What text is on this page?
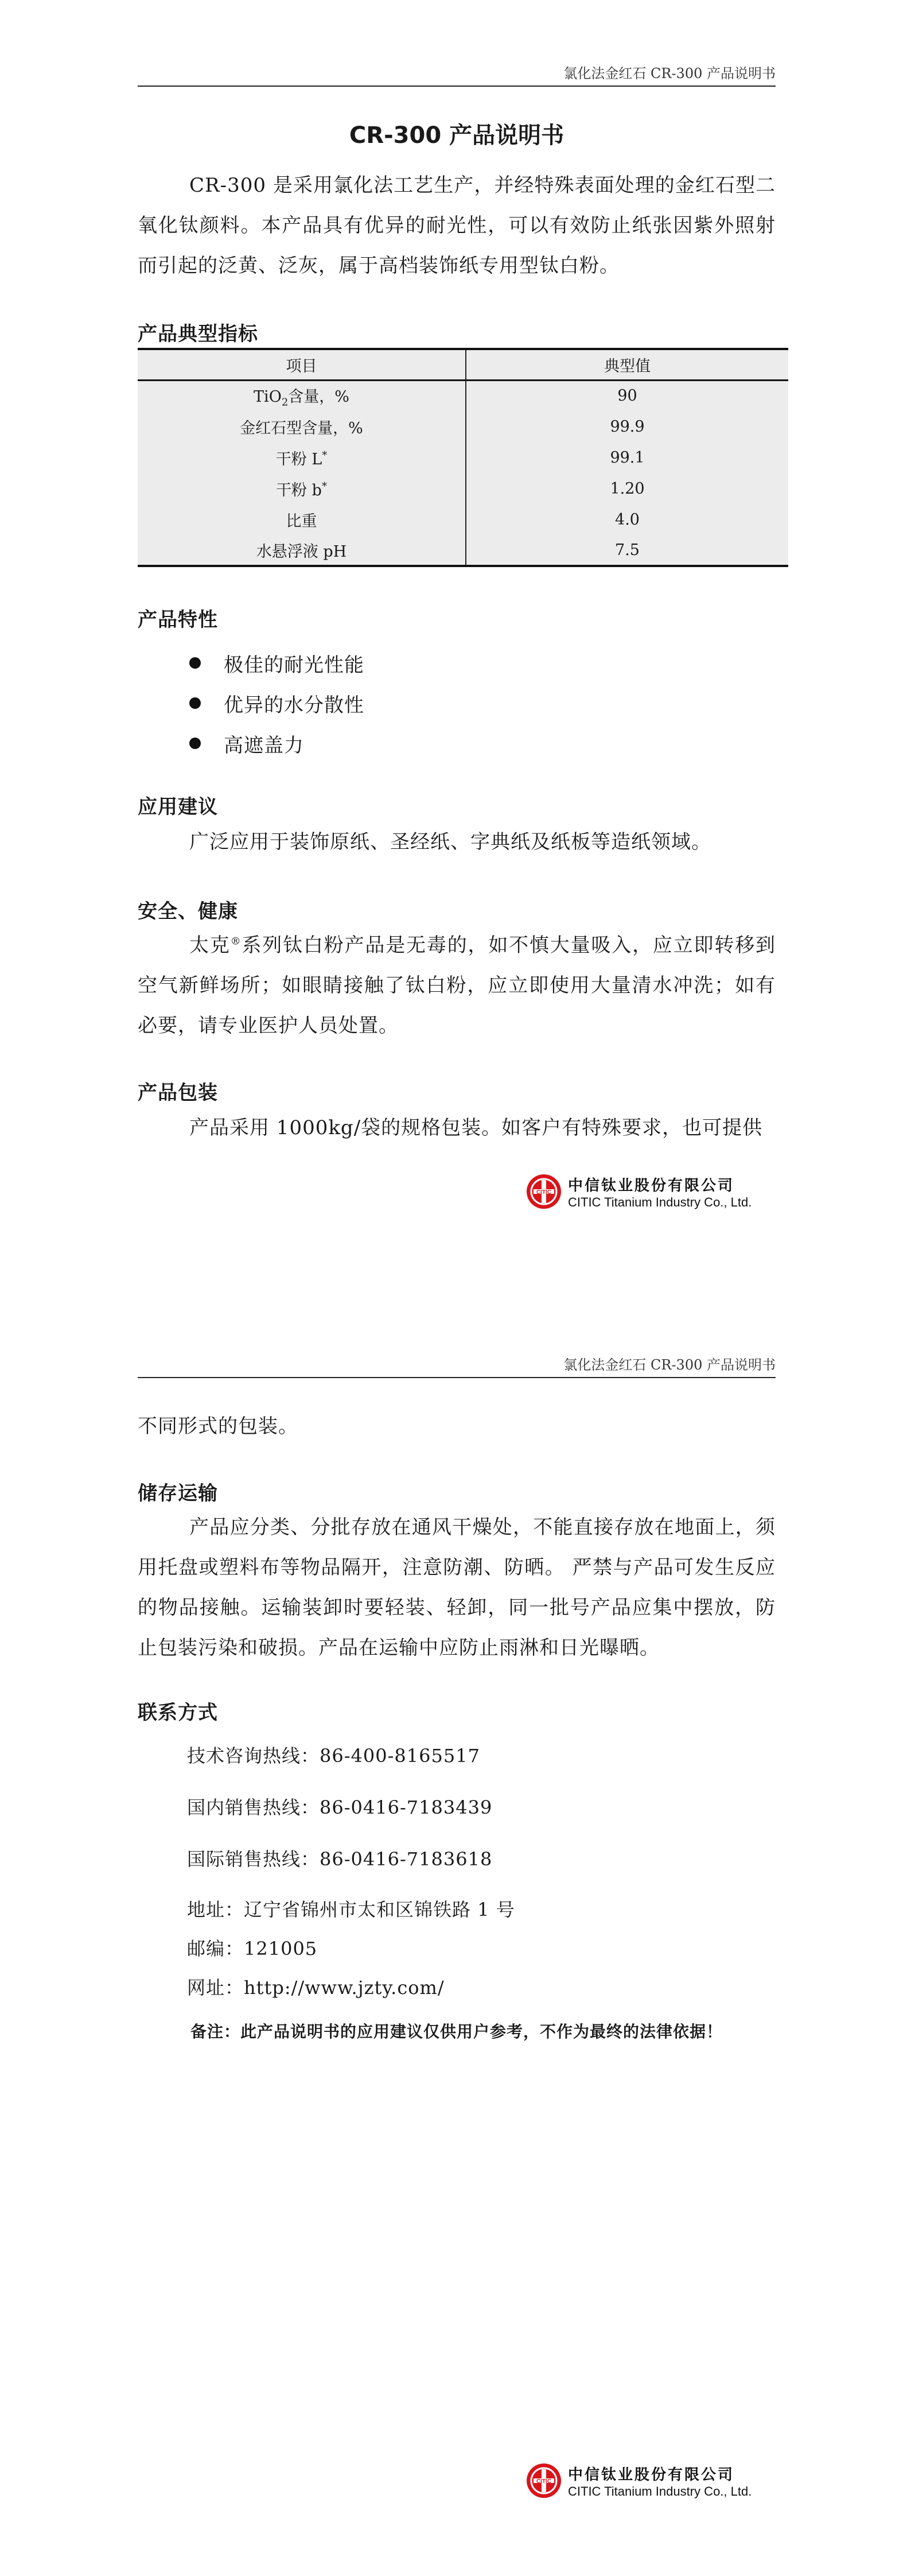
氯化法金红石 CR-300 产品说明书
CR-300 产品说明书

CR-300 是采用氯化法工艺生产，并经特殊表面处理的金红石型二氧化钛颜料。本产品具有优异的耐光性，可以有效防止纸张因紫外照射而引起的泛黄、泛灰，属于高档装饰纸专用型钛白粉。

产品典型指标
项目	典型值
TiO$_2$含量，%	90
金红石型含量，%	99.9
干粉 L*	99.1
干粉 b*	1.20
比重	4.0
水悬浮液 pH	7.5
产品特性
极佳的耐光性能
优异的水分散性
高遮盖力
应用建议

广泛应用于装饰原纸、圣经纸、字典纸及纸板等造纸领域。

安全、健康

太克®系列钛白粉产品是无毒的，如不慎大量吸入，应立即转移到空气新鲜场所；如眼睛接触了钛白粉，应立即使用大量清水冲洗；如有必要，请专业医护人员处置。

产品包装

产品采用 1000kg/袋的规格包装。如客户有特殊要求，也可提供

CITIC 中信钛业股份有限公司
CITIC Titanium Industry Co., Ltd.
氯化法金红石 CR-300 产品说明书

不同形式的包装。

储存运输

产品应分类、分批存放在通风干燥处，不能直接存放在地面上，须用托盘或塑料布等物品隔开，注意防潮、防晒。 严禁与产品可发生反应的物品接触。运输装卸时要轻装、轻卸，同一批号产品应集中摆放，防止包装污染和破损。产品在运输中应防止雨淋和日光曝晒。

联系方式
技术咨询热线：86-400-8165517
国内销售热线：86-0416-7183439
国际销售热线：86-0416-7183618
地址：辽宁省锦州市太和区锦铁路 1 号
邮编：121005
网址：http://www.jzty.com/
备注：此产品说明书的应用建议仅供用户参考，不作为最终的法律依据！
CITIC 中信钛业股份有限公司
CITIC Titanium Industry Co., Ltd.
